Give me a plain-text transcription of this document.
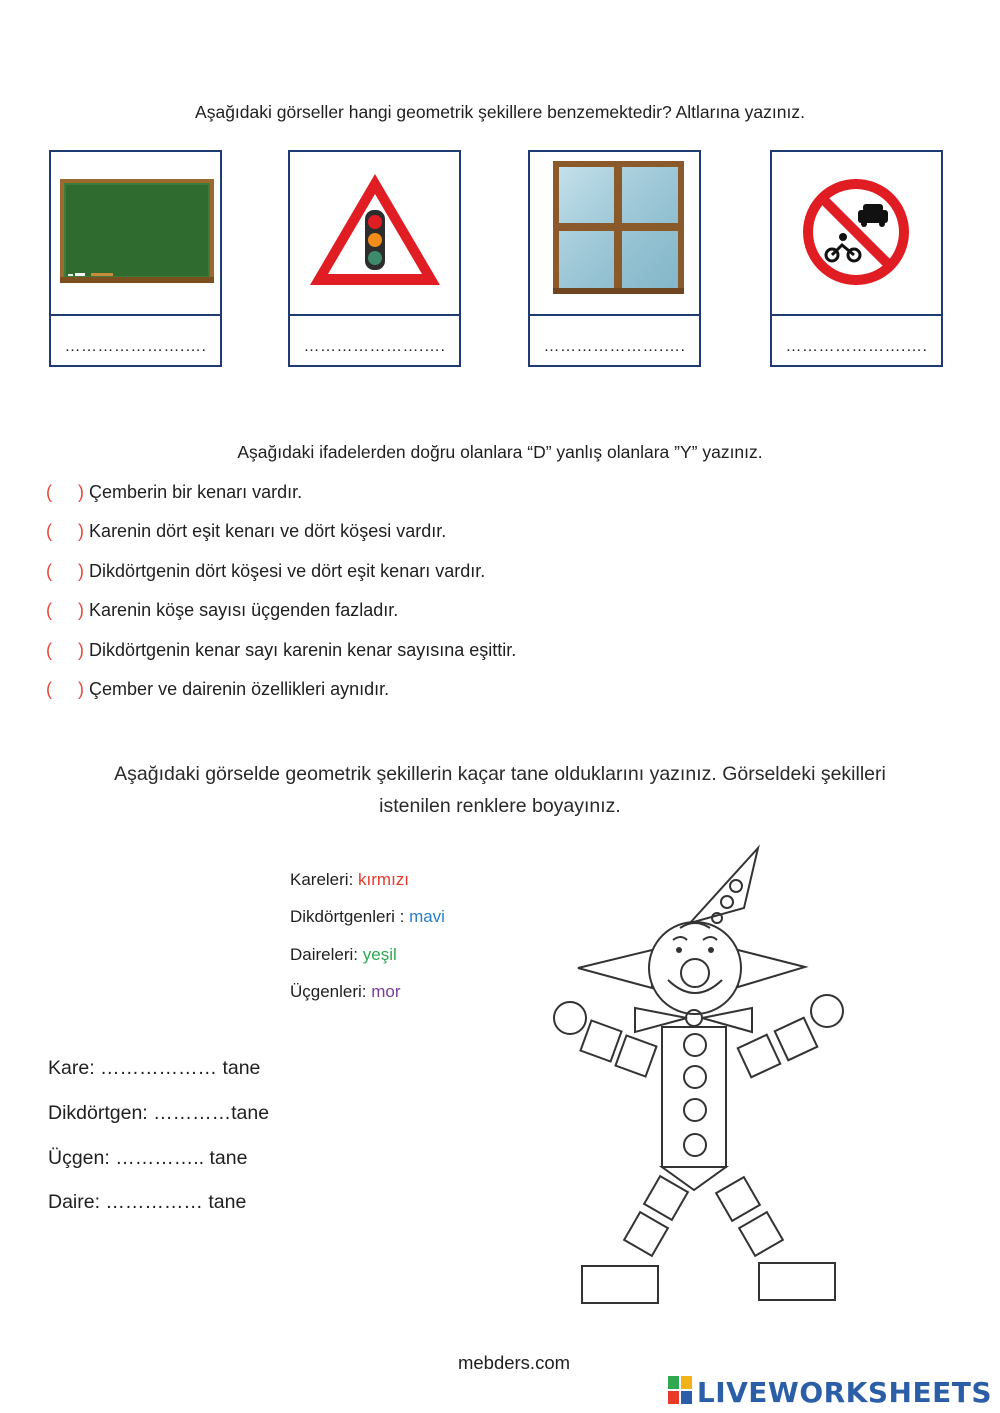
Aşağıdaki görseller hangi geometrik şekillere benzemektedir? Altlarına yazınız.
………………….….	………………….….	………………….….	………………….….
Aşağıdaki ifadelerden doğru olanlara “D” yanlış olanlara ”Y” yazınız.
( ) Çemberin bir kenarı vardır.
( ) Karenin dört eşit kenarı ve dört köşesi vardır.
( ) Dikdörtgenin dört köşesi ve dört eşit kenarı vardır.
( ) Karenin köşe sayısı üçgenden fazladır.
( ) Dikdörtgenin kenar sayı karenin kenar sayısına eşittir.
( ) Çember ve dairenin özellikleri aynıdır.
Aşağıdaki görselde geometrik şekillerin kaçar tane olduklarını yazınız. Görseldeki şekilleri
istenilen renklere boyayınız.
Kareleri: kırmızı
Dikdörtgenleri : mavi
Daireleri: yeşil
Üçgenleri: mor
Kare: ……………… tane
Dikdörtgen: …………tane
Üçgen: ………….. tane
Daire: …………… tane
mebders.com
LIVEWORKSHEETS
